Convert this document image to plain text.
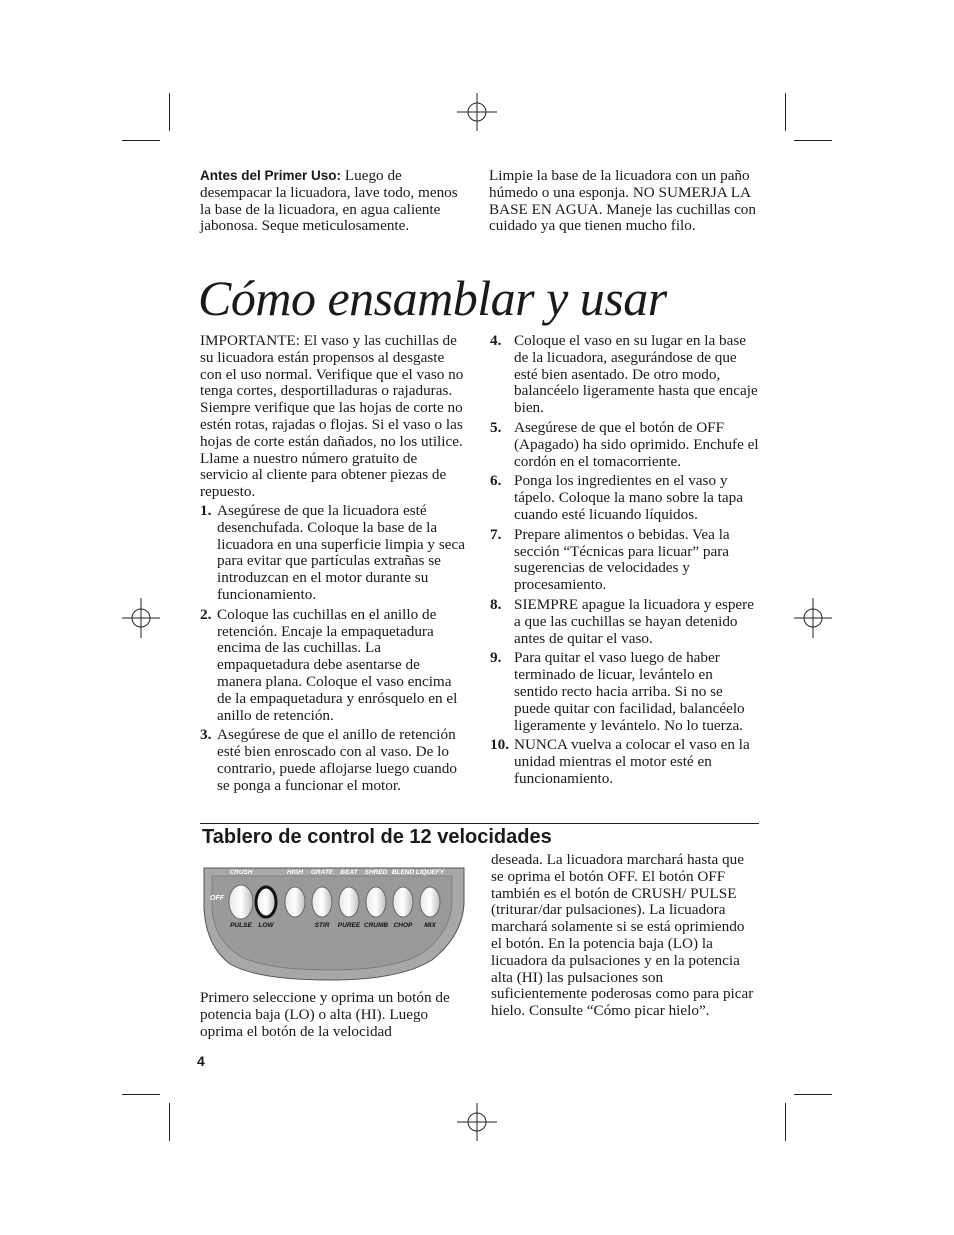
Antes del Primer Uso: Luego de desempacar la licuadora, lave todo, menos la base de la licuadora, en agua caliente jabonosa. Seque meticulosamente.
Limpie la base de la licuadora con un paño húmedo o una esponja. NO SUMERJA LA BASE EN AGUA. Maneje las cuchillas con cuidado ya que tienen mucho filo.
Cómo ensamblar y usar
IMPORTANTE: El vaso y las cuchillas de su licuadora están propensos al desgaste con el uso normal. Verifique que el vaso no tenga cortes, desportilladuras o rajaduras. Siempre verifique que las hojas de corte no estén rotas, rajadas o flojas. Si el vaso o las hojas de corte están dañados, no los utilice. Llame a nuestro número gratuito de servicio al cliente para obtener piezas de repuesto.
1. Asegúrese de que la licuadora esté desenchufada. Coloque la base de la licuadora en una superficie limpia y seca para evitar que partículas extrañas se introduzcan en el motor durante su funcionamiento.
2. Coloque las cuchillas en el anillo de retención. Encaje la empaquetadura encima de las cuchillas. La empaquetadura debe asentarse de manera plana. Coloque el vaso encima de la empaquetadura y enrósquelo en el anillo de retención.
3. Asegúrese de que el anillo de retención esté bien enroscado con al vaso. De lo contrario, puede aflojarse luego cuando se ponga a funcionar el motor.
4. Coloque el vaso en su lugar en la base de la licuadora, asegurándose de que esté bien asentado. De otro modo, balancéelo ligeramente hasta que encaje bien.
5. Asegúrese de que el botón de OFF (Apagado) ha sido oprimido. Enchufe el cordón en el tomacorriente.
6. Ponga los ingredientes en el vaso y tápelo. Coloque la mano sobre la tapa cuando esté licuando líquidos.
7. Prepare alimentos o bebidas. Vea la sección “Técnicas para licuar” para sugerencias de velocidades y procesamiento.
8. SIEMPRE apague la licuadora y espere a que las cuchillas se hayan detenido antes de quitar el vaso.
9. Para quitar el vaso luego de haber terminado de licuar, levántelo en sentido recto hacia arriba. Si no se puede quitar con facilidad, balancéelo ligeramente y levántelo. No lo tuerza.
10. NUNCA vuelva a colocar el vaso en la unidad mientras el motor esté en funcionamiento.
Tablero de control de 12 velocidades
CRUSH	HIGH GRATE BEAT SHRED BLEND LIQUEFY
PULSE LOW	STIR PUREE CRUMB CHOP MIX
OFF
Primero seleccione y oprima un botón de potencia baja (LO) o alta (HI). Luego oprima el botón de la velocidad
deseada. La licuadora marchará hasta que se oprima el botón OFF. El botón OFF también es el botón de CRUSH/ PULSE (triturar/dar pulsaciones). La licuadora marchará solamente si se está oprimiendo el botón. En la potencia baja (LO) la licuadora da pulsaciones y en la potencia alta (HI) las pulsaciones son suficientemente poderosas como para picar hielo. Consulte “Cómo picar hielo”.
4
